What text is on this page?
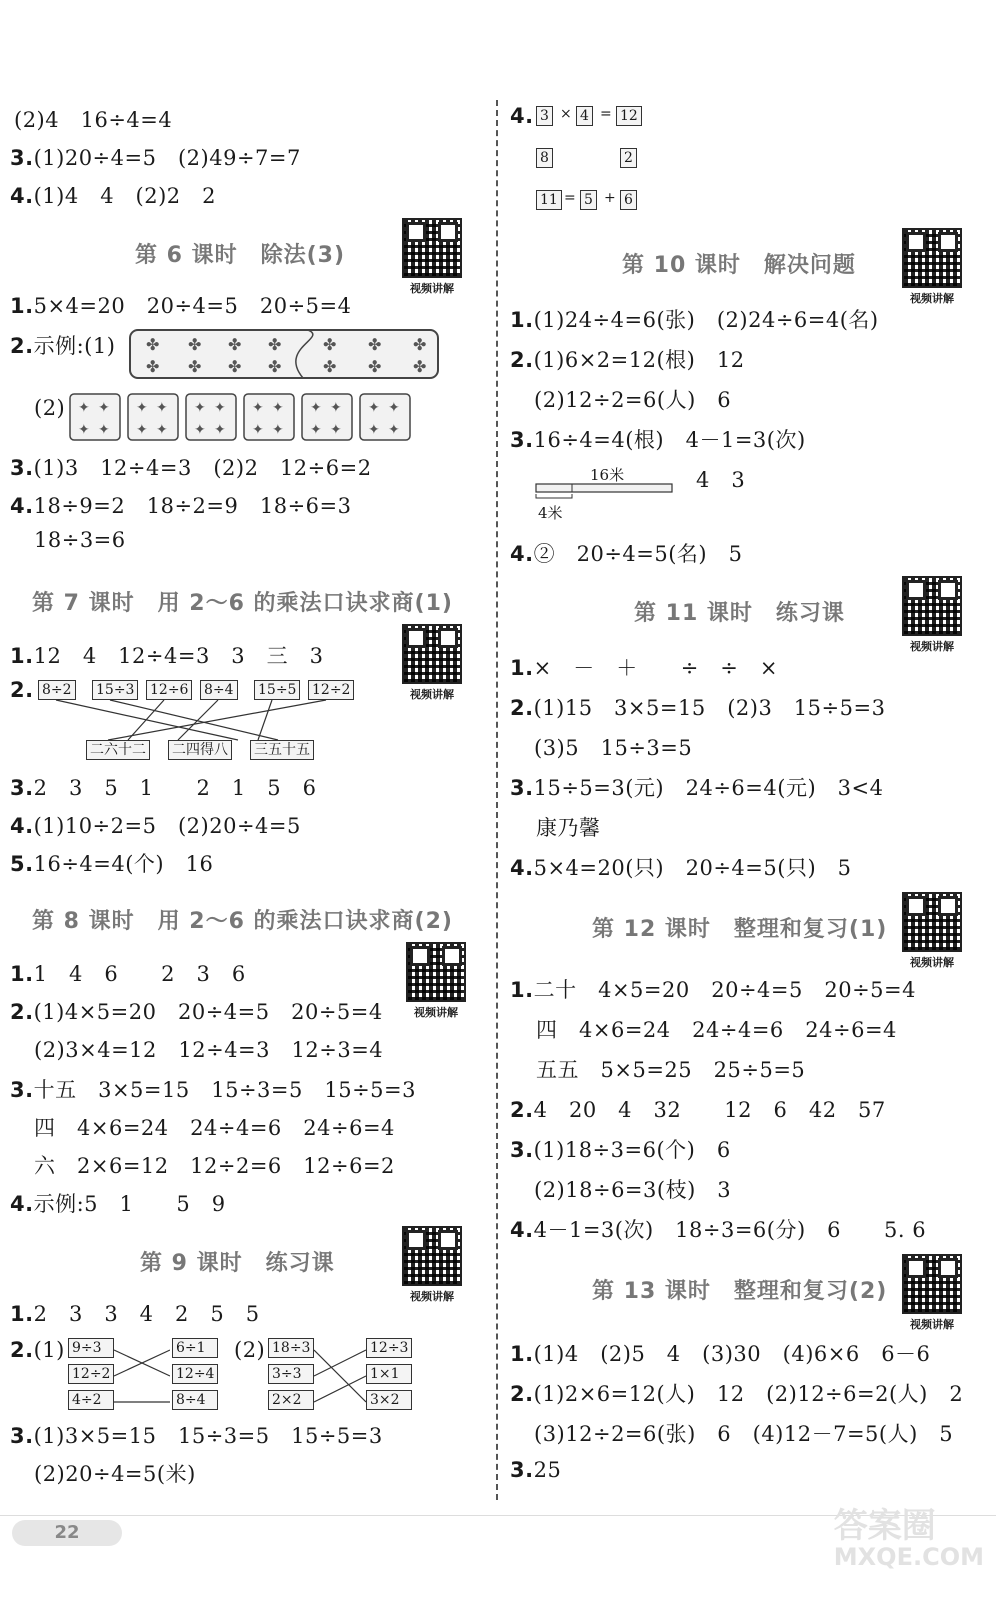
(2)4　16÷4=4
3.(1)20÷4=5　(2)49÷7=7
4.(1)4　4　(2)2　2
第 6 课时　除法(3)
视频讲解
1.5×4=20　20÷4=5　20÷5=4
2.示例:(1) ✤
✤
✤
✤
✤
✤
✤
✤
✤
✤
✤
✤
✤
✤
(2) ✦ ✦
✦ ✦
✦ ✦
✦ ✦
✦ ✦
✦ ✦
✦ ✦
✦ ✦
✦ ✦
✦ ✦
✦ ✦
✦ ✦
3.(1)3　12÷4=3　(2)2　12÷6=2
4.18÷9=2　18÷2=9　18÷6=3
18÷3=6
第 7 课时　用 2～6 的乘法口诀求商(1)
视频讲解
1.12　4　12÷4=3　3　三　3
2. 8÷2 15÷3 12÷6 8÷4 15÷5 12÷2
二六十二 二四得八 三五十五
3.2　3　5　1　　2　1　5　6
4.(1)10÷2=5　(2)20÷4=5
5.16÷4=4(个)　16
第 8 课时　用 2～6 的乘法口诀求商(2)
视频讲解
1.1　4　6　　2　3　6
2.(1)4×5=20　20÷4=5　20÷5=4
(2)3×4=12　12÷4=3　12÷3=4
3.十五　3×5=15　15÷3=5　15÷5=3
四　4×6=24　24÷4=6　24÷6=4
六　2×6=12　12÷2=6　12÷6=2
4.示例:5　1　　5　9
第 9 课时　练习课
视频讲解
1.2　3　3　4　2　5　5
2.(1) 9÷3
12÷2
4÷2
6÷1
12÷4
8÷4
(2) 18÷3
3÷3
2×2
12÷3
1×1
3×2
3.(1)3×5=15　15÷3=5　15÷5=3
(2)20÷4=5(米)
4. 3 × 4 = 12
8	2
11 = 5 + 6
第 10 课时　解决问题
视频讲解
1.(1)24÷4=6(张)　(2)24÷6=4(名)
2.(1)6×2=12(根)　12
(2)12÷2=6(人)　6
3.16÷4=4(根)　4－1=3(次)
16米
4米
4　3
4.②　20÷4=5(名)　5
第 11 课时　练习课
视频讲解
1.×　－　＋　　÷　÷　×
2.(1)15　3×5=15　(2)3　15÷5=3
(3)5　15÷3=5
3.15÷5=3(元)　24÷6=4(元)　3<4
康乃馨
4.5×4=20(只)　20÷4=5(只)　5
第 12 课时　整理和复习(1)
视频讲解
1.二十　4×5=20　20÷4=5　20÷5=4
四　4×6=24　24÷4=6　24÷6=4
五五　5×5=25　25÷5=5
2.4　20　4　32　　12　6　42　57
3.(1)18÷3=6(个)　6
(2)18÷6=3(枝)　3
4.4－1=3(次)　18÷3=6(分)　6　　5. 6
第 13 课时　整理和复习(2)
视频讲解
1.(1)4　(2)5　4　(3)30　(4)6×6　6－6
2.(1)2×6=12(人)　12　(2)12÷6=2(人)　2
(3)12÷2=6(张)　6　(4)12－7=5(人)　5
3.25
22	答案圈
MXQE.COM
